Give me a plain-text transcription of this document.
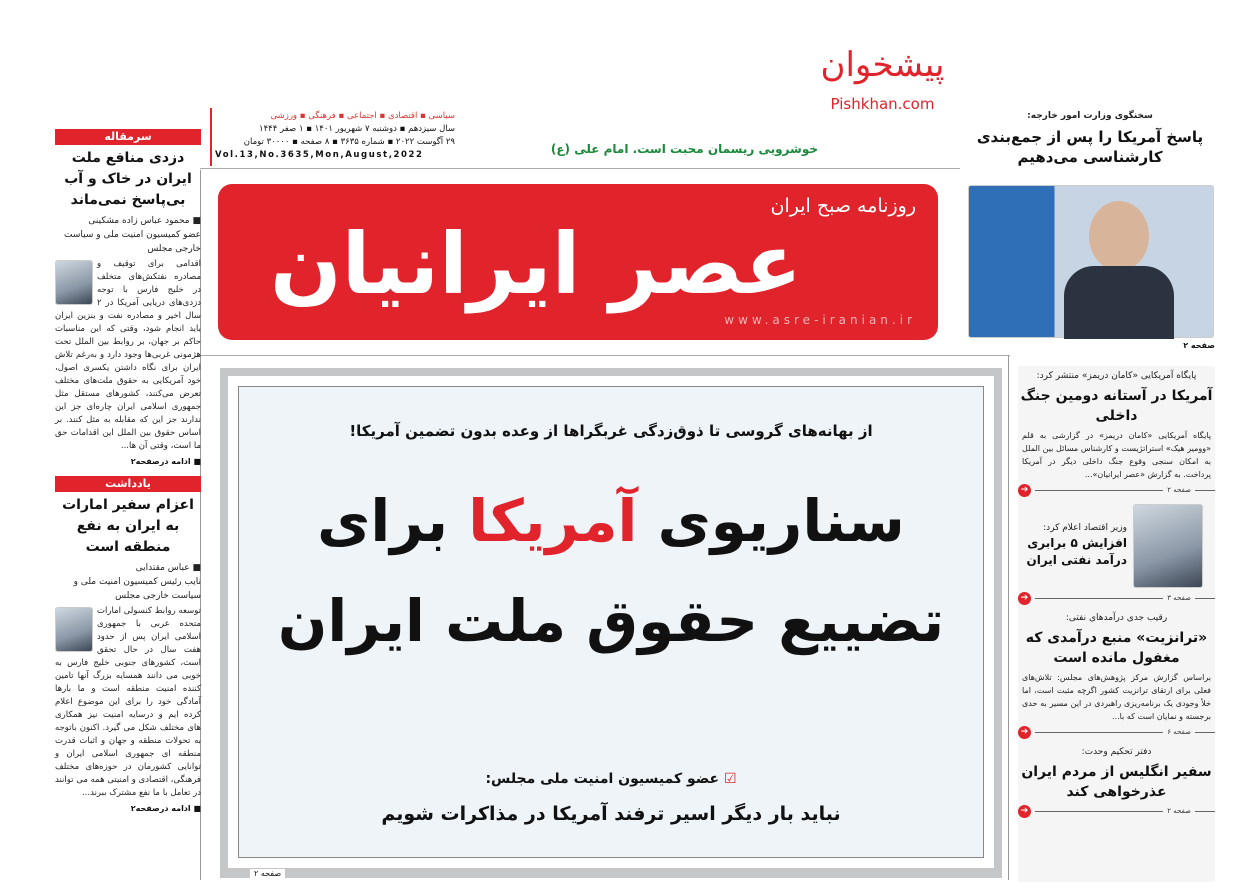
سیاسی ▪ اقتصادی ▪ اجتماعی ▪ فرهنگی ▪ ورزشی
سال سیزدهم ▪ دوشنبه ۷ شهریور ۱۴۰۱ ▪ ۱ صفر ۱۴۴۴
۲۹ آگوست ۲۰۲۲ ▪ شماره ۳۶۳۵ ▪ ۸ صفحه ▪ ۳۰۰۰۰ تومان
Vol.13,No.3635,Mon,August,2022	خوشرویی ریسمان محبت است. امام علی (ع)
پیشخوان
Pishkhan.com
روزنامه صبح ایران
عصر ایرانیان
www.asre-iranian.ir
سخنگوی وزارت امور خارجه:
پاسخ آمریکا را پس از جمع‌بندی کارشناسی می‌دهیم
صفحه ۲
سرمقاله
دزدی منافع ملت ایران در خاک و آب بی‌پاسخ نمی‌ماند
■ محمود عباس زاده مشکینی
عضو کمیسیون امنیت ملی و سیاست خارجی مجلس
اقدامی برای توقیف و مصادره نفتکش‌های متخلف در خلیج فارس با توجه دزدی‌های دریایی آمریکا در ۲ سال اخیر و مصادره نفت و بنزین ایران باید انجام شود، وقتی که این مناسبات حاکم بر جهان، بر روابط بین الملل تحت هژمونی غربی‌ها وجود دارد و به‌رغم تلاش ایران برای نگاه داشتن یکسری اصول، خود آمریکایی به حقوق ملت‌های مختلف تعرض می‌کنند، کشورهای مستقل مثل جمهوری اسلامی ایران چاره‌ای جز این ندارند جز این که مقابله به مثل کنند. بر اساس حقوق بین الملل این اقدامات حق ما است، وقتی آن ها...
■ ادامه درصفحه۲
یادداشت
اعزام سفیر امارات به ایران به نفع منطقه است
■ عباس مقتدایی
نایب رئیس کمیسیون امنیت ملی و سیاست خارجی مجلس
توسعه روابط کنسولی امارات متحده عربی با جمهوری اسلامی ایران پس از حدود هفت سال در حال تحقق است، کشورهای جنوبی خلیج فارس به خوبی می دانند همسایه بزرگ آنها تامین کننده امنیت منطقه است و ما بارها آمادگی خود را برای این موضوع اعلام کرده ایم و درسایه امنیت نیز همکاری های مختلف شکل می گیرد. اکنون باتوجه به تحولات منطقه و جهان و اثبات قدرت منطقه ای جمهوری اسلامی ایران و توانایی کشورمان در حوزه‌های مختلف فرهنگی، اقتصادی و امنیتی همه می توانند در تعامل با ما نفع مشترک ببرند...
■ ادامه درصفحه۲
از بهانه‌های گروسی تا ذوق‌زدگی غربگراها از وعده بدون تضمین آمریکا!
سناریوی آمریکا برای
تضییع حقوق ملت ایران
☑ عضو کمیسیون امنیت ملی مجلس:
نباید بار دیگر اسیر ترفند آمریکا در مذاکرات شویم
صفحه ۲
پایگاه آمریکایی «کامان دریمز» منتشر کرد:
آمریکا در آستانه دومین جنگ داخلی
پایگاه آمریکایی «کامان دریمز» در گزارشی به قلم «وومیر هیک» استراتژیست و کارشناس مسائل بین الملل به امکان سنجی وقوع جنگ داخلی دیگر در آمریکا پرداخت. به گزارش «عصر ایرانیان»...
➔	صفحه ۲
وزیر اقتصاد اعلام کرد:
افزایش ۵ برابری درآمد نفتی ایران
➔	صفحه ۳
رقیب جدی درآمدهای نفتی:
«ترانزیت» منبع درآمدی که مغفول مانده است
براساس گزارش مرکز پژوهش‌های مجلس: تلاش‌های فعلی برای ارتقای ترانزیت کشور اگرچه مثبت است، اما خلأ وجودی یک برنامه‌ریزی راهبردی در این مسیر به حدی برجسته و نمایان است که با...
➔	صفحه ۶
دفتر تحکیم وحدت:
سفیر انگلیس از مردم ایران عذرخواهی کند
➔	صفحه ۲
